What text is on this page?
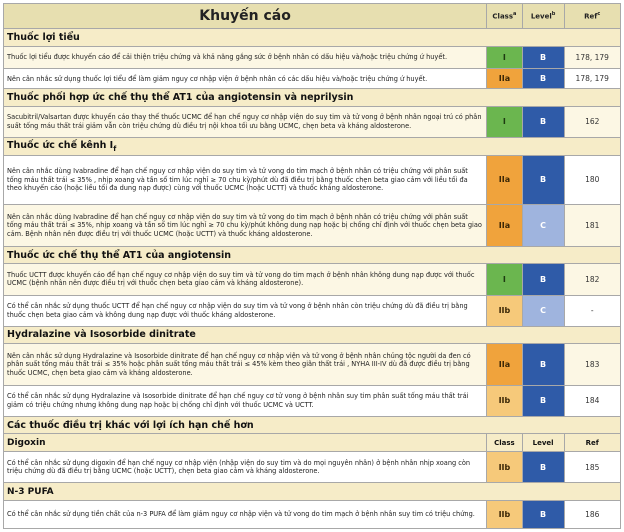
Khuyến cáo	Class$^a$	Level$^b$	Ref$^c$
Thuốc lợi tiểu			
Thuốc lợi tiểu được khuyến cáo để cải thiện triệu chứng và khả năng gắng sức ở bệnh nhân có dấu hiệu và/hoặc triệu chứng ứ huyết.	I	B	178, 179
Nên cân nhắc sử dụng thuốc lợi tiểu để làm giảm nguy cơ nhập viện ở bệnh nhân có các dấu hiệu và/hoặc triệu chứng ứ huyết.	IIa	B	178, 179
Thuốc phối hợp ức chế thụ thể AT1 của angiotensin và neprilysin			
Sacubitril/Valsartan được khuyến cáo thay thế thuốc UCMC để hạn chế nguy cơ nhập viện do suy tim và tử vong ở bệnh nhân ngoại trú có phân suất tống máu thất trái giảm vẫn còn triệu chứng dù điều trị nội khoa tối ưu bằng UCMC, chẹn beta và kháng aldosterone.	I	B	162
Thuốc ức chế kênh $I_f$
Nên cân nhắc dùng Ivabradine để hạn chế nguy cơ nhập viện do suy tim và tử vong do tim mạch ở bệnh nhân có triệu chứng với phân suất tống máu thất trái ≤ 35% , nhịp xoang và tần số tim lúc nghỉ ≥ 70 chu kỳ/phút dù đã điều trị bằng thuốc chẹn beta giao cảm với liều tối đa theo khuyến cáo (hoặc liều tối đa dung nạp được) cùng với thuốc UCMC (hoặc UCTT) và thuốc kháng aldosterone.	IIa	B	180
Nên cân nhắc dùng Ivabradine để hạn chế nguy cơ nhập viện do suy tim và tử vong do tim mạch ở bệnh nhân có triệu chứng với phân suất tống máu thất trái ≤ 35%, nhịp xoang và tần số tim lúc nghỉ ≥ 70 chu kỳ/phút không dung nạp hoặc bị chống chỉ định với thuốc chẹn beta giao cảm. Bệnh nhân nên được điều trị với thuốc UCMC (hoặc UCTT) và thuốc kháng aldosterone.	IIa	C	181
Thuốc ức chế thụ thể AT1 của angiotensin			
Thuốc UCTT được khuyến cáo để hạn chế nguy cơ nhập viện do suy tim và tử vong do tim mạch ở bệnh nhân không dung nạp được với thuốc UCMC (bệnh nhân nên được điều trị với thuốc chẹn beta giao cảm và kháng aldosterone).	I	B	182
Có thể cân nhắc sử dụng thuốc UCTT để hạn chế nguy cơ nhập viện do suy tim và tử vong ở bệnh nhân còn triệu chứng dù đã điều trị bằng thuốc chẹn beta giao cảm và không dung nạp được với thuốc kháng aldosterone.	IIb	C	-
Hydralazine và Isosorbide dinitrate			
Nên cân nhắc sử dụng Hydralazine và Isosorbide dinitrate để hạn chế nguy cơ nhập viện và tử vong ở bệnh nhân chủng tộc người da đen có phân suất tống máu thất trái ≤ 35% hoặc phân suất tống máu thất trái ≤ 45% kèm theo giãn thất trái , NYHA III-IV dù đã được điều trị bằng thuốc UCMC, chẹn beta giao cảm và kháng aldosterone.	IIa	B	183
Có thể cân nhắc sử dụng Hydralazine và Isosorbide dinitrate để hạn chế nguy cơ tử vong ở bệnh nhân suy tim phân suất tống máu thất trái giảm có triệu chứng nhưng không dung nạp hoặc bị chống chỉ định với thuốc UCMC và UCTT.	IIb	B	184
Các thuốc điều trị khác với lợi ích hạn chế hơn			
Digoxin	Class	Level	Ref
Có thể cân nhắc sử dụng digoxin để hạn chế nguy cơ nhập viện (nhập viện do suy tim và do mọi nguyên nhân) ở bệnh nhân nhịp xoang còn triệu chứng dù đã điều trị bằng UCMC (hoặc UCTT), chẹn beta giao cảm và kháng aldosterone.	IIb	B	185
N-3 PUFA			
Có thể cân nhắc sử dụng tiền chất của n-3 PUFA để làm giảm nguy cơ nhập viện và tử vong do tim mạch ở bệnh nhân suy tim có triệu chứng.	IIb	B	186
